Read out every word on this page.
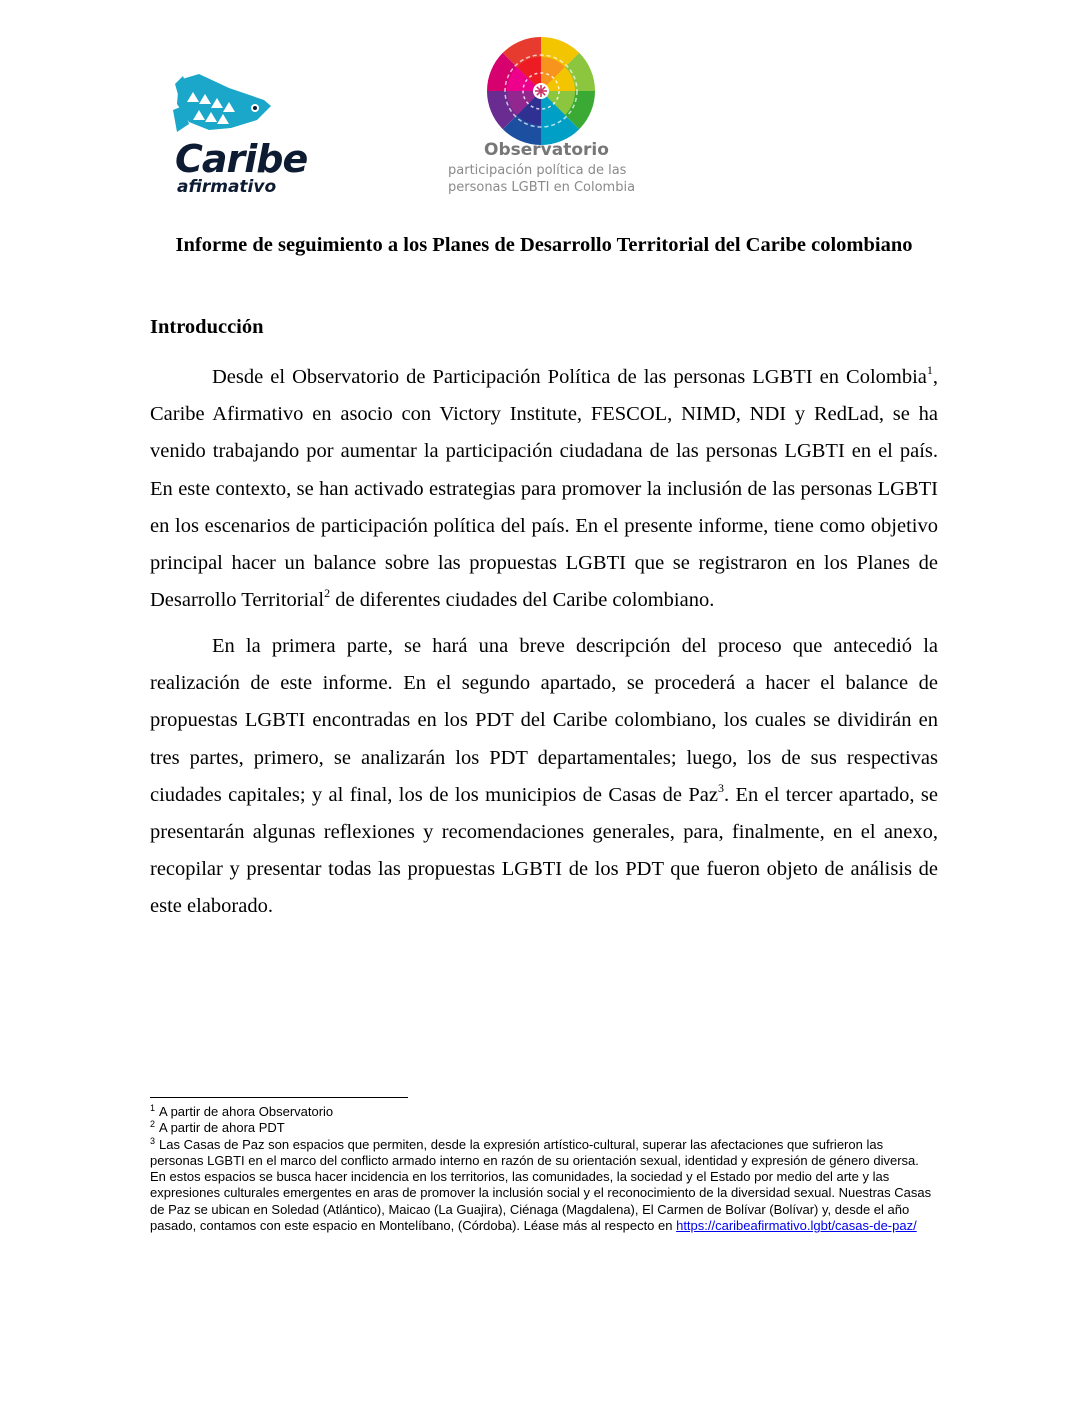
Caribe
afirmativo
Observatorio
participación política de las
personas LGBTI en Colombia
Informe de seguimiento a los Planes de Desarrollo Territorial del Caribe colombiano
Introducción

Desde el Observatorio de Participación Política de las personas LGBTI en Colombia$^1$, Caribe Afirmativo en asocio con Victory Institute, FESCOL, NIMD, NDI y RedLad, se ha venido trabajando por aumentar la participación ciudadana de las personas LGBTI en el país. En este contexto, se han activado estrategias para promover la inclusión de las personas LGBTI en los escenarios de participación política del país. En el presente informe, tiene como objetivo principal hacer un balance sobre las propuestas LGBTI que se registraron en los Planes de Desarrollo Territorial$^2$ de diferentes ciudades del Caribe colombiano.

En la primera parte, se hará una breve descripción del proceso que antecedió la realización de este informe. En el segundo apartado, se procederá a hacer el balance de propuestas LGBTI encontradas en los PDT del Caribe colombiano, los cuales se dividirán en tres partes, primero, se analizarán los PDT departamentales; luego, los de sus respectivas ciudades capitales; y al final, los de los municipios de Casas de Paz$^3$. En el tercer apartado, se presentarán algunas reflexiones y recomendaciones generales, para, finalmente, en el anexo, recopilar y presentar todas las propuestas LGBTI de los PDT que fueron objeto de análisis de este elaborado.

$^1$ A partir de ahora Observatorio

$^2$ A partir de ahora PDT

$^3$ Las Casas de Paz son espacios que permiten, desde la expresión artístico-cultural, superar las afectaciones que sufrieron las personas LGBTI en el marco del conflicto armado interno en razón de su orientación sexual, identidad y expresión de género diversa. En estos espacios se busca hacer incidencia en los territorios, las comunidades, la sociedad y el Estado por medio del arte y las expresiones culturales emergentes en aras de promover la inclusión social y el reconocimiento de la diversidad sexual. Nuestras Casas de Paz se ubican en Soledad (Atlántico), Maicao (La Guajira), Ciénaga (Magdalena), El Carmen de Bolívar (Bolívar) y, desde el año pasado, contamos con este espacio en Montelíbano, (Córdoba). Léase más al respecto en https://caribeafirmativo.lgbt/casas-de-paz/
